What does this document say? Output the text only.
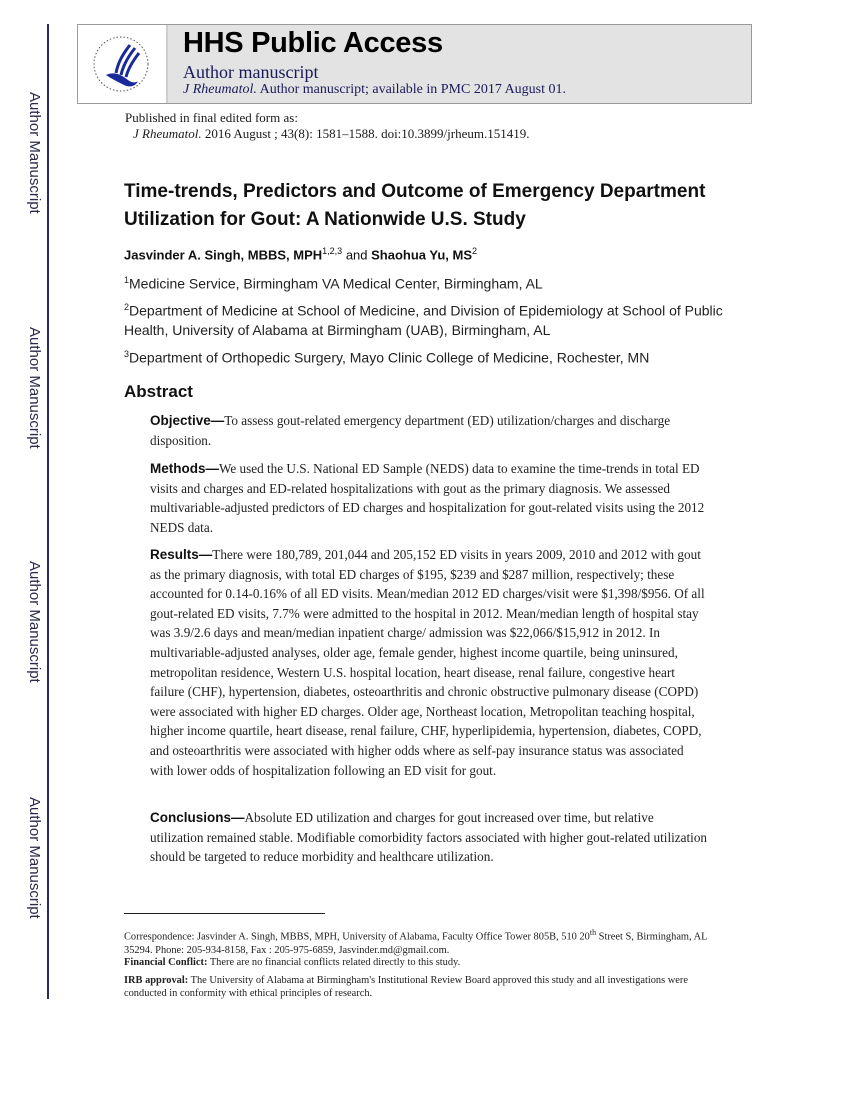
Author Manuscript
Author Manuscript
Author Manuscript
Author Manuscript
HHS Public Access
Author manuscript
J Rheumatol. Author manuscript; available in PMC 2017 August 01.
Published in final edited form as:
J Rheumatol. 2016 August ; 43(8): 1581–1588. doi:10.3899/jrheum.151419.
Time-trends, Predictors and Outcome of Emergency Department Utilization for Gout: A Nationwide U.S. Study
Jasvinder A. Singh, MBBS, MPH$^{1,2,3}$ and Shaohua Yu, $MS^2$
$^1$Medicine Service, Birmingham VA Medical Center, Birmingham, AL
$^2$Department of Medicine at School of Medicine, and Division of Epidemiology at School of Public Health, University of Alabama at Birmingham (UAB), Birmingham, AL
$^3$Department of Orthopedic Surgery, Mayo Clinic College of Medicine, Rochester, MN
Abstract
Objective—To assess gout-related emergency department (ED) utilization/charges and discharge disposition.
Methods—We used the U.S. National ED Sample (NEDS) data to examine the time-trends in total ED visits and charges and ED-related hospitalizations with gout as the primary diagnosis. We assessed multivariable-adjusted predictors of ED charges and hospitalization for gout-related visits using the 2012 NEDS data.
Results—There were 180,789, 201,044 and 205,152 ED visits in years 2009, 2010 and 2012 with gout as the primary diagnosis, with total ED charges of $195, $239 and $287 million, respectively; these accounted for 0.14-0.16% of all ED visits. Mean/median 2012 ED charges/visit were $1,398/$956. Of all gout-related ED visits, 7.7% were admitted to the hospital in 2012. Mean/median length of hospital stay was 3.9/2.6 days and mean/median inpatient charge/ admission was $22,066/$15,912 in 2012. In multivariable-adjusted analyses, older age, female gender, highest income quartile, being uninsured, metropolitan residence, Western U.S. hospital location, heart disease, renal failure, congestive heart failure (CHF), hypertension, diabetes, osteoarthritis and chronic obstructive pulmonary disease (COPD) were associated with higher ED charges. Older age, Northeast location, Metropolitan teaching hospital, higher income quartile, heart disease, renal failure, CHF, hyperlipidemia, hypertension, diabetes, COPD, and osteoarthritis were associated with higher odds where as self-pay insurance status was associated with lower odds of hospitalization following an ED visit for gout.
Conclusions—Absolute ED utilization and charges for gout increased over time, but relative utilization remained stable. Modifiable comorbidity factors associated with higher gout-related utilization should be targeted to reduce morbidity and healthcare utilization.
Correspondence: Jasvinder A. Singh, MBBS, MPH, University of Alabama, Faculty Office Tower 805B, 510 20th Street S, Birmingham, AL 35294. Phone: 205-934-8158, Fax : 205-975-6859, Jasvinder.md@gmail.com.
Financial Conflict: There are no financial conflicts related directly to this study.
IRB approval: The University of Alabama at Birmingham's Institutional Review Board approved this study and all investigations were conducted in conformity with ethical principles of research.
